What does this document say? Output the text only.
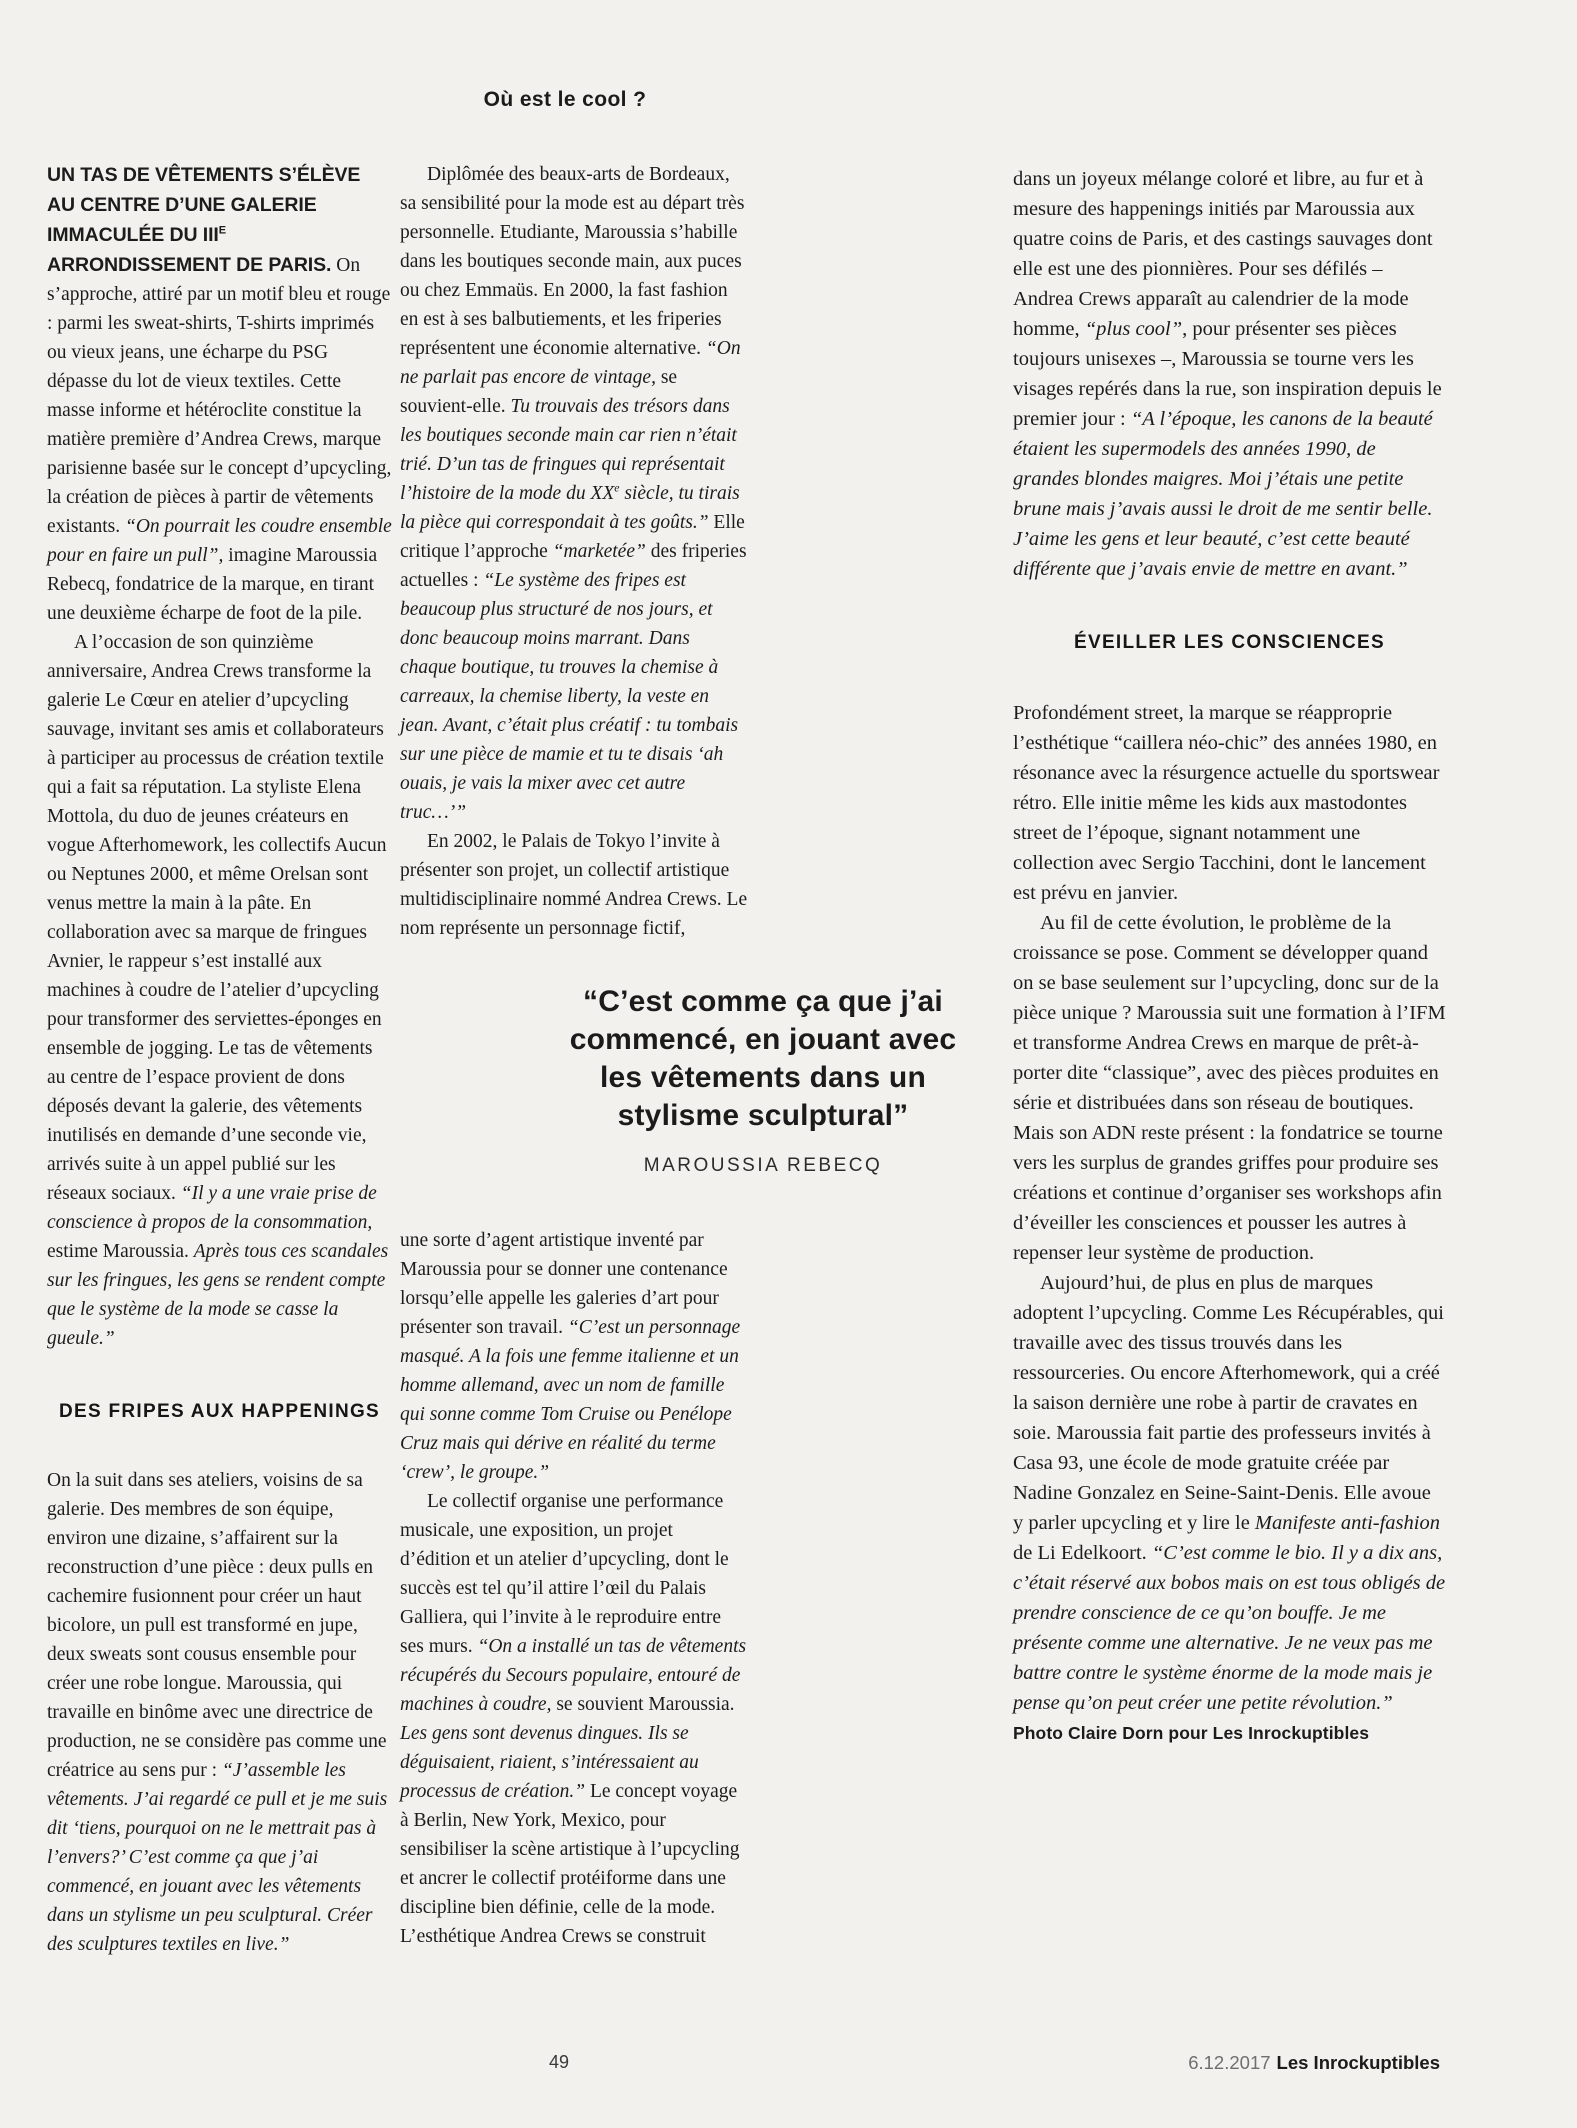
Où est le cool ?

UN TAS DE VÊTEMENTS S’ÉLÈVE AU CENTRE D’UNE GALERIE IMMACULÉE DU $III^E$ ARRONDISSEMENT DE PARIS. On s’approche, attiré par un motif bleu et rouge : parmi les sweat-shirts, T-shirts imprimés ou vieux jeans, une écharpe du PSG dépasse du lot de vieux textiles. Cette masse informe et hétéroclite constitue la matière première d’Andrea Crews, marque parisienne basée sur le concept d’upcycling, la création de pièces à partir de vêtements existants. “On pourrait les coudre ensemble pour en faire un pull”, imagine Maroussia Rebecq, fondatrice de la marque, en tirant une deuxième écharpe de foot de la pile.

A l’occasion de son quinzième anniversaire, Andrea Crews transforme la galerie Le Cœur en atelier d’upcycling sauvage, invitant ses amis et collaborateurs à participer au processus de création textile qui a fait sa réputation. La styliste Elena Mottola, du duo de jeunes créateurs en vogue Afterhomework, les collectifs Aucun ou Neptunes 2000, et même Orelsan sont venus mettre la main à la pâte. En collaboration avec sa marque de fringues Avnier, le rappeur s’est installé aux machines à coudre de l’atelier d’upcycling pour transformer des serviettes-éponges en ensemble de jogging. Le tas de vêtements au centre de l’espace provient de dons déposés devant la galerie, des vêtements inutilisés en demande d’une seconde vie, arrivés suite à un appel publié sur les réseaux sociaux. “Il y a une vraie prise de conscience à propos de la consommation, estime Maroussia. Après tous ces scandales sur les fringues, les gens se rendent compte que le système de la mode se casse la gueule.”

DES FRIPES AUX HAPPENINGS

On la suit dans ses ateliers, voisins de sa galerie. Des membres de son équipe, environ une dizaine, s’affairent sur la reconstruction d’une pièce : deux pulls en cachemire fusionnent pour créer un haut bicolore, un pull est transformé en jupe, deux sweats sont cousus ensemble pour créer une robe longue. Maroussia, qui travaille en binôme avec une directrice de production, ne se considère pas comme une créatrice au sens pur : “J’assemble les vêtements. J’ai regardé ce pull et je me suis dit ‘tiens, pourquoi on ne le mettrait pas à l’envers?’ C’est comme ça que j’ai commencé, en jouant avec les vêtements dans un stylisme un peu sculptural. Créer des sculptures textiles en live.”

Diplômée des beaux-arts de Bordeaux, sa sensibilité pour la mode est au départ très personnelle. Etudiante, Maroussia s’habille dans les boutiques seconde main, aux puces ou chez Emmaüs. En 2000, la fast fashion en est à ses balbutiements, et les friperies représentent une économie alternative. “On ne parlait pas encore de vintage, se souvient-elle. Tu trouvais des trésors dans les boutiques seconde main car rien n’était trié. D’un tas de fringues qui représentait l’histoire de la mode du XXe siècle, tu tirais la pièce qui correspondait à tes goûts.” Elle critique l’approche “marketée” des friperies actuelles : “Le système des fripes est beaucoup plus structuré de nos jours, et donc beaucoup moins marrant. Dans chaque boutique, tu trouves la chemise à carreaux, la chemise liberty, la veste en jean. Avant, c’était plus créatif : tu tombais sur une pièce de mamie et tu te disais ‘ah ouais, je vais la mixer avec cet autre truc…’”

En 2002, le Palais de Tokyo l’invite à présenter son projet, un collectif artistique multidisciplinaire nommé Andrea Crews. Le nom représente un personnage fictif,

“C’est comme ça que j’ai commencé, en jouant avec les vêtements dans un stylisme sculptural”
MAROUSSIA REBECQ

une sorte d’agent artistique inventé par Maroussia pour se donner une contenance lorsqu’elle appelle les galeries d’art pour présenter son travail. “C’est un personnage masqué. A la fois une femme italienne et un homme allemand, avec un nom de famille qui sonne comme Tom Cruise ou Penélope Cruz mais qui dérive en réalité du terme ‘crew’, le groupe.”

Le collectif organise une performance musicale, une exposition, un projet d’édition et un atelier d’upcycling, dont le succès est tel qu’il attire l’œil du Palais Galliera, qui l’invite à le reproduire entre ses murs. “On a installé un tas de vêtements récupérés du Secours populaire, entouré de machines à coudre, se souvient Maroussia. Les gens sont devenus dingues. Ils se déguisaient, riaient, s’intéressaient au processus de création.” Le concept voyage à Berlin, New York, Mexico, pour sensibiliser la scène artistique à l’upcycling et ancrer le collectif protéiforme dans une discipline bien définie, celle de la mode. L’esthétique Andrea Crews se construit

dans un joyeux mélange coloré et libre, au fur et à mesure des happenings initiés par Maroussia aux quatre coins de Paris, et des castings sauvages dont elle est une des pionnières. Pour ses défilés – Andrea Crews apparaît au calendrier de la mode homme, “plus cool”, pour présenter ses pièces toujours unisexes –, Maroussia se tourne vers les visages repérés dans la rue, son inspiration depuis le premier jour : “A l’époque, les canons de la beauté étaient les supermodels des années 1990, de grandes blondes maigres. Moi j’étais une petite brune mais j’avais aussi le droit de me sentir belle. J’aime les gens et leur beauté, c’est cette beauté différente que j’avais envie de mettre en avant.”

ÉVEILLER LES CONSCIENCES

Profondément street, la marque se réapproprie l’esthétique “caillera néo-chic” des années 1980, en résonance avec la résurgence actuelle du sportswear rétro. Elle initie même les kids aux mastodontes street de l’époque, signant notamment une collection avec Sergio Tacchini, dont le lancement est prévu en janvier.

Au fil de cette évolution, le problème de la croissance se pose. Comment se développer quand on se base seulement sur l’upcycling, donc sur de la pièce unique ? Maroussia suit une formation à l’IFM et transforme Andrea Crews en marque de prêt-à-porter dite “classique”, avec des pièces produites en série et distribuées dans son réseau de boutiques. Mais son ADN reste présent : la fondatrice se tourne vers les surplus de grandes griffes pour produire ses créations et continue d’organiser ses workshops afin d’éveiller les consciences et pousser les autres à repenser leur système de production.

Aujourd’hui, de plus en plus de marques adoptent l’upcycling. Comme Les Récupérables, qui travaille avec des tissus trouvés dans les ressourceries. Ou encore Afterhomework, qui a créé la saison dernière une robe à partir de cravates en soie. Maroussia fait partie des professeurs invités à Casa 93, une école de mode gratuite créée par Nadine Gonzalez en Seine-Saint-Denis. Elle avoue y parler upcycling et y lire le Manifeste anti-fashion de Li Edelkoort. “C’est comme le bio. Il y a dix ans, c’était réservé aux bobos mais on est tous obligés de prendre conscience de ce qu’on bouffe. Je me présente comme une alternative. Je ne veux pas me battre contre le système énorme de la mode mais je pense qu’on peut créer une petite révolution.” Photo Claire Dorn pour Les Inrockuptibles

49	6.12.2017 Les Inrockuptibles
